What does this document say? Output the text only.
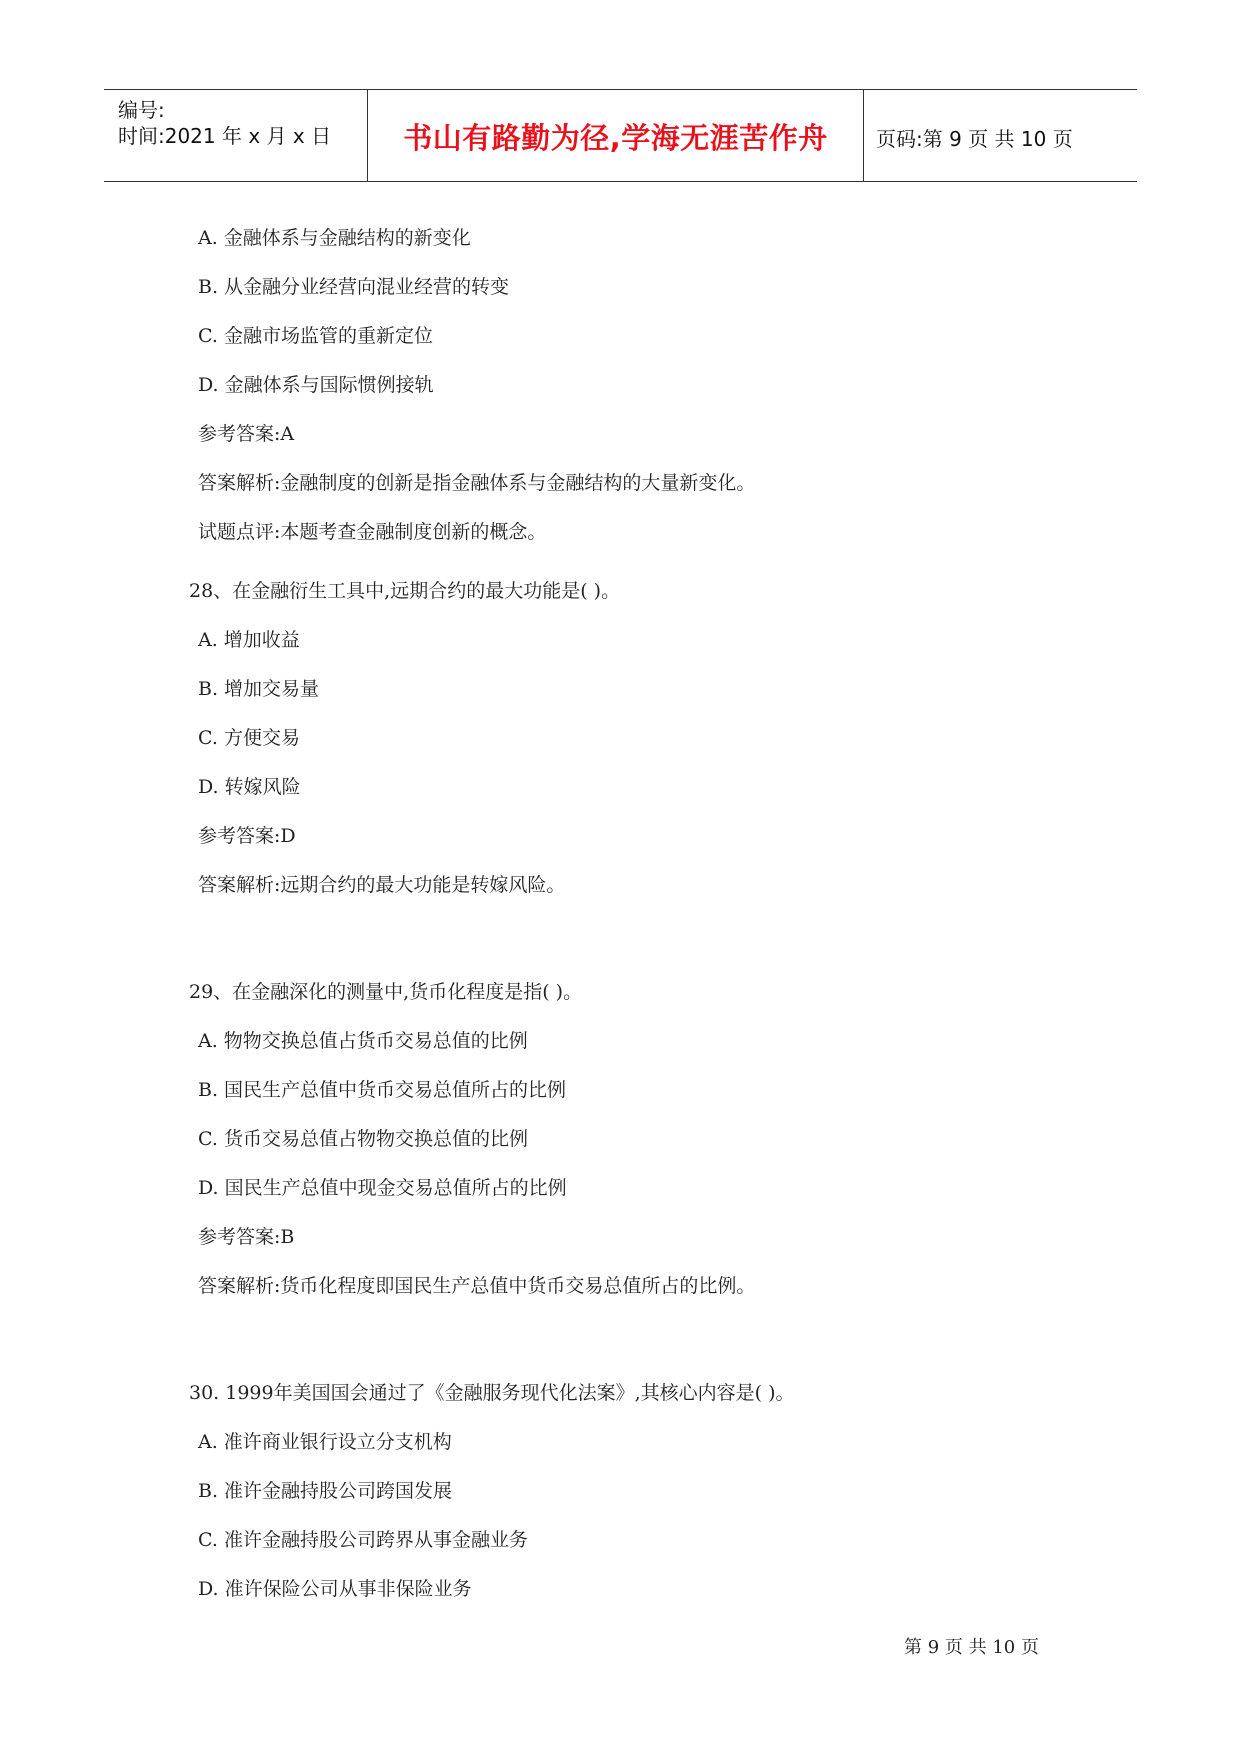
编号:
时间:2021 年 x 月 x 日	书山有路勤为径,学海无涯苦作舟	页码:第 9 页 共 10 页
A. 金融体系与金融结构的新变化
B. 从金融分业经营向混业经营的转变
C. 金融市场监管的重新定位
D. 金融体系与国际惯例接轨
参考答案:A
答案解析:金融制度的创新是指金融体系与金融结构的大量新变化。
试题点评:本题考查金融制度创新的概念。
28、在金融衍生工具中,远期合约的最大功能是( )。
A. 增加收益
B. 增加交易量
C. 方便交易
D. 转嫁风险
参考答案:D
答案解析:远期合约的最大功能是转嫁风险。
29、在金融深化的测量中,货币化程度是指( )。
A. 物物交换总值占货币交易总值的比例
B. 国民生产总值中货币交易总值所占的比例
C. 货币交易总值占物物交换总值的比例
D. 国民生产总值中现金交易总值所占的比例
参考答案:B
答案解析:货币化程度即国民生产总值中货币交易总值所占的比例。
30. 1999年美国国会通过了《金融服务现代化法案》,其核心内容是( )。
A. 准许商业银行设立分支机构
B. 准许金融持股公司跨国发展
C. 准许金融持股公司跨界从事金融业务
D. 准许保险公司从事非保险业务
第 9 页 共 10 页
